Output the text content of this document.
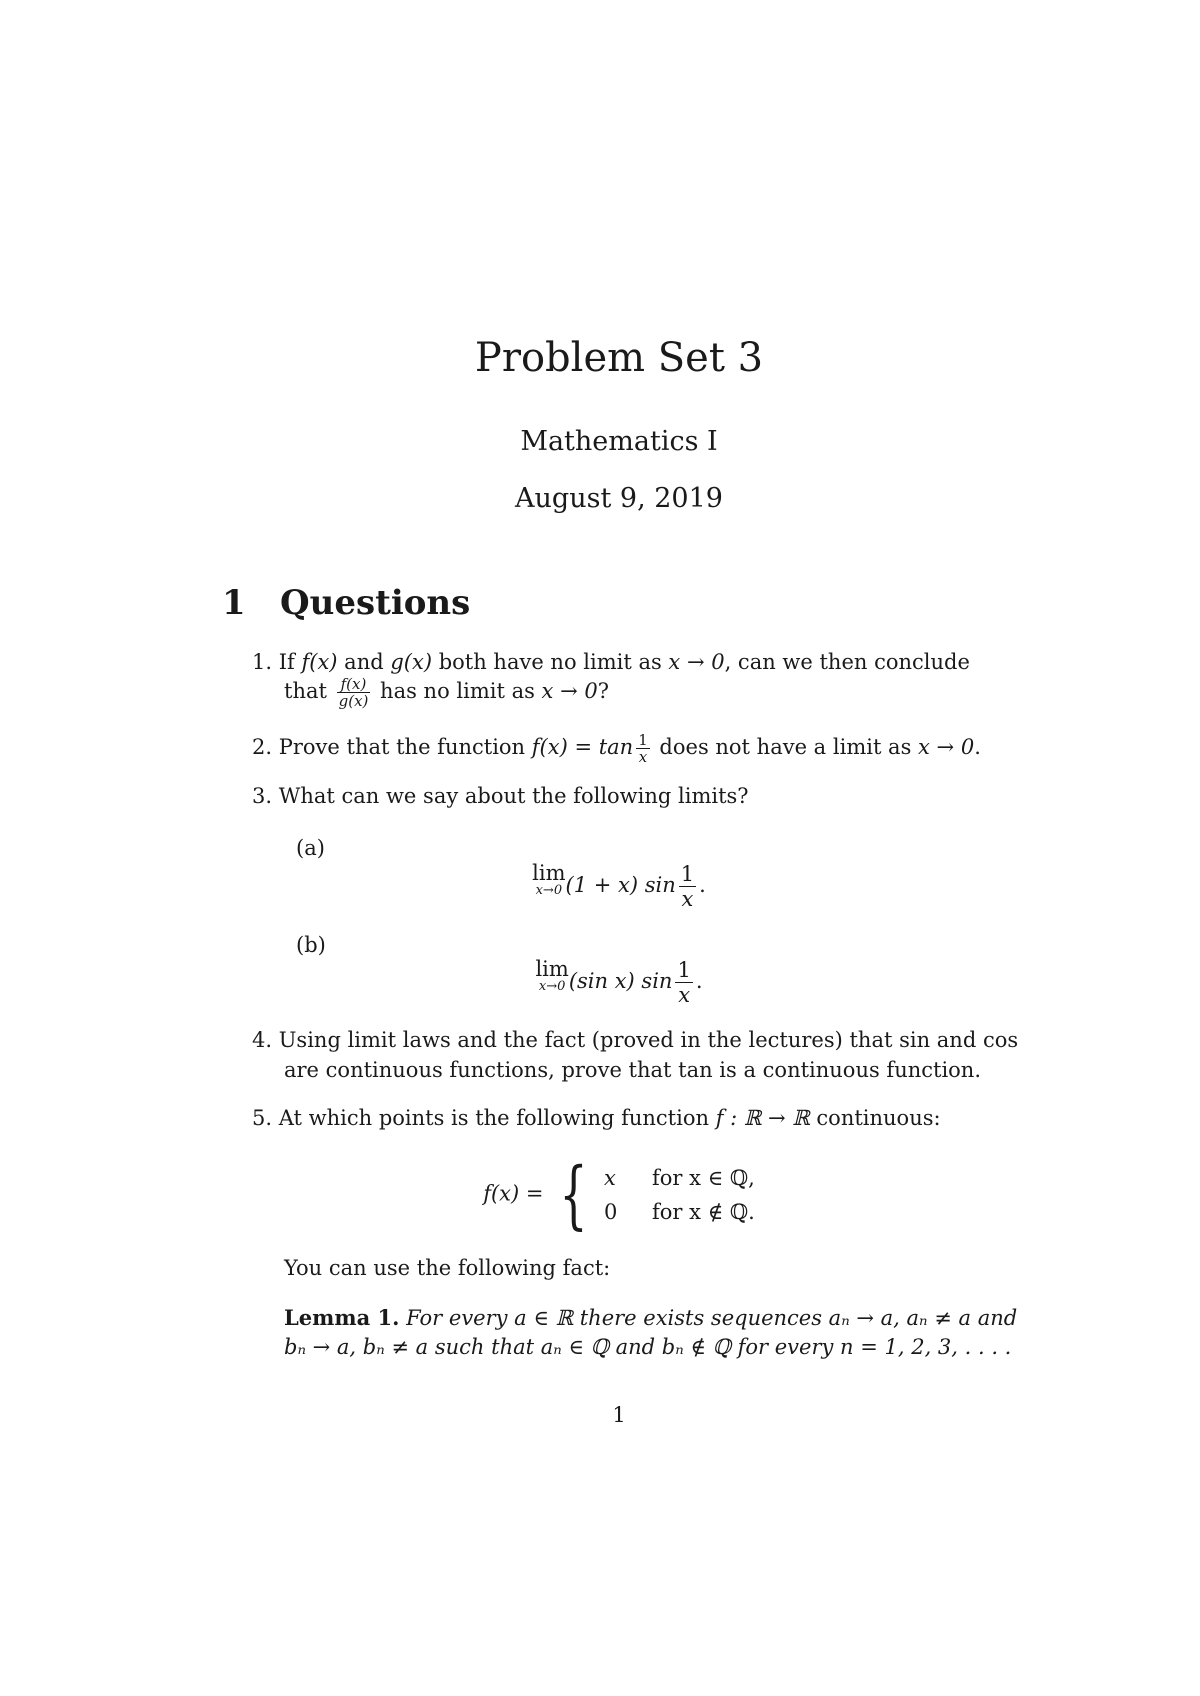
Problem Set 3
Mathematics I
August 9, 2019
1 Questions
1. If f(x) and g(x) both have no limit as x → 0, can we then conclude
that $\frac{f(x)}{g(x)}$ has no limit as x → 0?
2. Prove that the function $f(x) = \tan \frac{1}{x}$ does not have a limit as x → 0.
3. What can we say about the following limits?
(a)
lim
x→0 (1 + x) $\sin \frac{1}{x}$ .
(b)
lim
x→0 (sin x) $\sin \frac{1}{x}$ .
4. Using limit laws and the fact (proved in the lectures) that sin and cos
are continuous functions, prove that tan is a continuous function.
5. At which points is the following function f : ℝ → ℝ continuous:
f(x) = { x for x ∈ ℚ,
0 for x ∉ ℚ.
You can use the following fact:
Lemma 1. For every a ∈ ℝ there exists sequences aₙ → a, aₙ ≠ a and
bₙ → a, bₙ ≠ a such that aₙ ∈ ℚ and bₙ ∉ ℚ for every n = 1, 2, 3, . . . .
1
